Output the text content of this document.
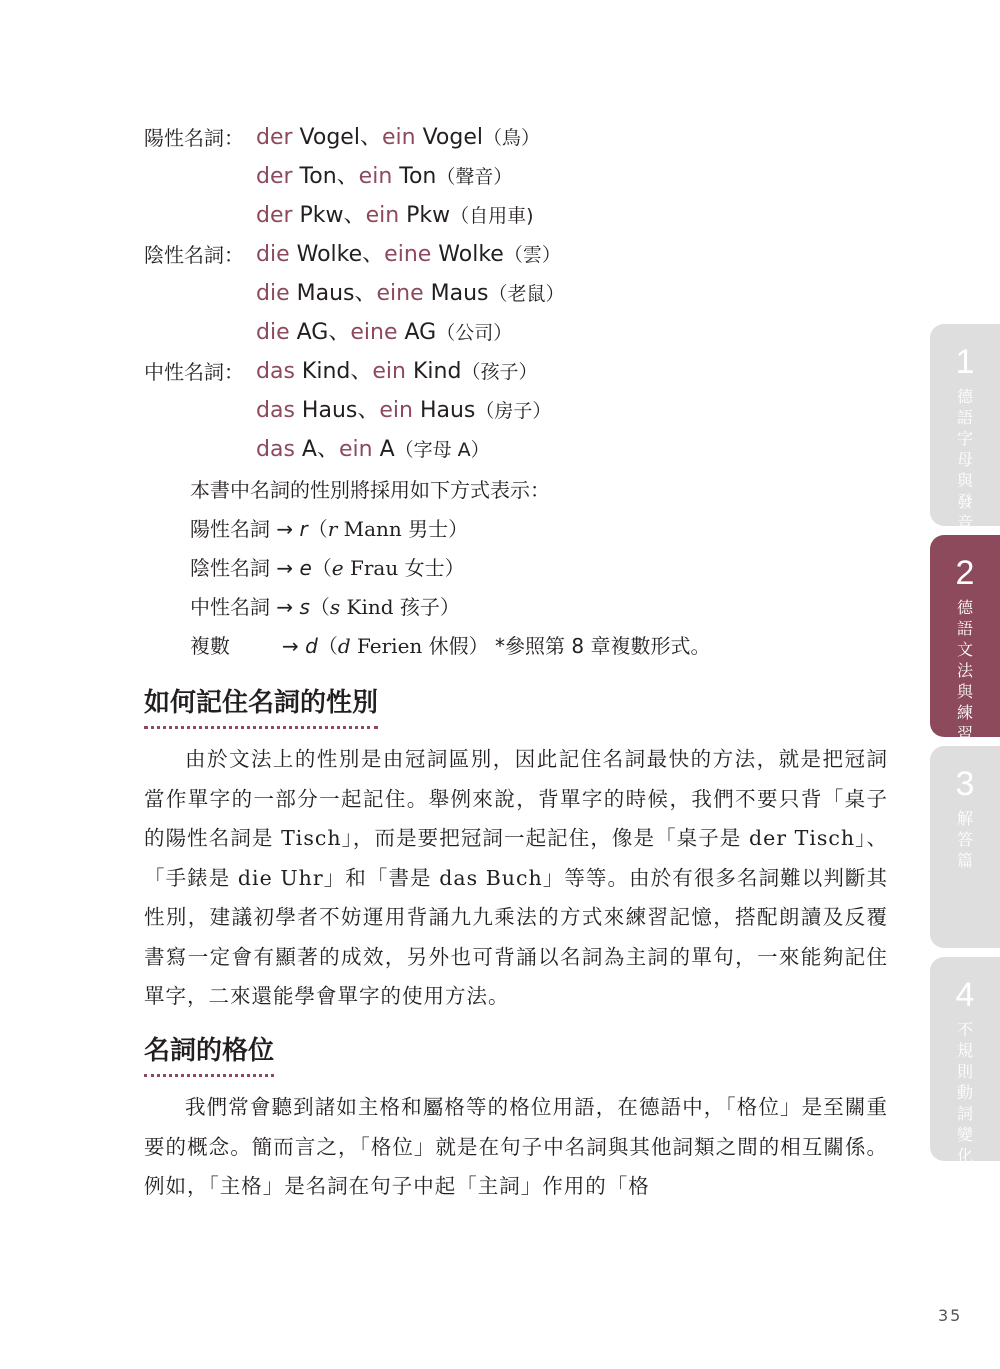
陽性名詞： der Vogel、ein Vogel（鳥）
der Ton、ein Ton（聲音）
der Pkw、ein Pkw（自用車)
陰性名詞： die Wolke、eine Wolke（雲）
die Maus、eine Maus（老鼠）
die AG、eine AG（公司）
中性名詞： das Kind、ein Kind（孩子）
das Haus、ein Haus（房子）
das A、ein A（字母 A）
本書中名詞的性別將採用如下方式表示：
陽性名詞 → r（r Mann 男士）
陰性名詞 → e（e Frau 女士）
中性名詞 → s（s Kind 孩子）
複數	→ d（d Ferien 休假） *參照第 8 章複數形式。
如何記住名詞的性別
由於文法上的性別是由冠詞區別，因此記住名詞最快的方法，就是把冠詞當作單字的一部分一起記住。舉例來說，背單字的時候，我們不要只背「桌子的陽性名詞是 Tisch」，而是要把冠詞一起記住，像是「桌子是 der Tisch」、「手錶是 die Uhr」和「書是 das Buch」等等。由於有很多名詞難以判斷其性別，建議初學者不妨運用背誦九九乘法的方式來練習記憶，搭配朗讀及反覆書寫一定會有顯著的成效，另外也可背誦以名詞為主詞的單句，一來能夠記住單字，二來還能學會單字的使用方法。
名詞的格位
我們常會聽到諸如主格和屬格等的格位用語，在德語中，「格位」是至關重要的概念。簡而言之，「格位」就是在句子中名詞與其他詞類之間的相互關係。例如，「主格」是名詞在句子中起「主詞」作用的「格
1
德語字母與發音
2
德語文法與練習
3
解答篇
4
不規則動詞變化表
35
